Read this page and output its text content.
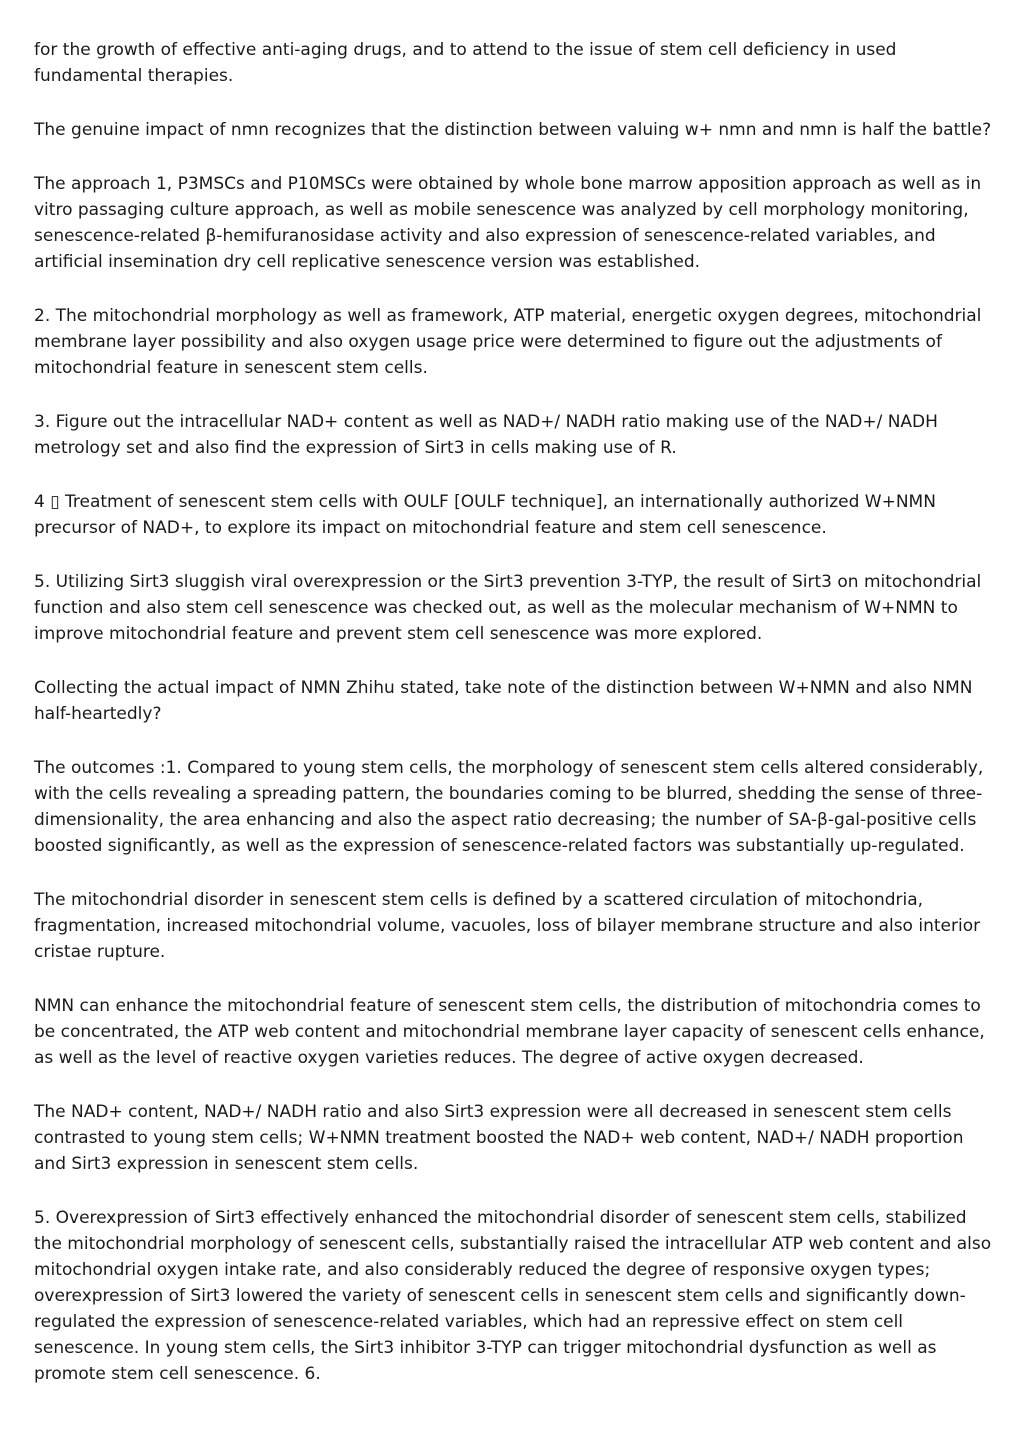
for the growth of effective anti-aging drugs, and to attend to the issue of stem cell deficiency in used fundamental therapies.

The genuine impact of nmn recognizes that the distinction between valuing w+ nmn and nmn is half the battle?

The approach 1, P3MSCs and P10MSCs were obtained by whole bone marrow apposition approach as well as in vitro passaging culture approach, as well as mobile senescence was analyzed by cell morphology monitoring, senescence-related β-hemifuranosidase activity and also expression of senescence-related variables, and artificial insemination dry cell replicative senescence version was established.

2. The mitochondrial morphology as well as framework, ATP material, energetic oxygen degrees, mitochondrial membrane layer possibility and also oxygen usage price were determined to figure out the adjustments of mitochondrial feature in senescent stem cells.

3. Figure out the intracellular NAD+ content as well as NAD+/ NADH ratio making use of the NAD+/ NADH metrology set and also find the expression of Sirt3 in cells making use of R.

4 ▯ Treatment of senescent stem cells with OULF [OULF technique], an internationally authorized W+NMN precursor of NAD+, to explore its impact on mitochondrial feature and stem cell senescence.

5. Utilizing Sirt3 sluggish viral overexpression or the Sirt3 prevention 3-TYP, the result of Sirt3 on mitochondrial function and also stem cell senescence was checked out, as well as the molecular mechanism of W+NMN to improve mitochondrial feature and prevent stem cell senescence was more explored.

Collecting the actual impact of NMN Zhihu stated, take note of the distinction between W+NMN and also NMN half-heartedly?

The outcomes :1. Compared to young stem cells, the morphology of senescent stem cells altered considerably, with the cells revealing a spreading pattern, the boundaries coming to be blurred, shedding the sense of three-dimensionality, the area enhancing and also the aspect ratio decreasing; the number of SA-β-gal-positive cells boosted significantly, as well as the expression of senescence-related factors was substantially up-regulated.

The mitochondrial disorder in senescent stem cells is defined by a scattered circulation of mitochondria, fragmentation, increased mitochondrial volume, vacuoles, loss of bilayer membrane structure and also interior cristae rupture.

NMN can enhance the mitochondrial feature of senescent stem cells, the distribution of mitochondria comes to be concentrated, the ATP web content and mitochondrial membrane layer capacity of senescent cells enhance, as well as the level of reactive oxygen varieties reduces. The degree of active oxygen decreased.

The NAD+ content, NAD+/ NADH ratio and also Sirt3 expression were all decreased in senescent stem cells contrasted to young stem cells; W+NMN treatment boosted the NAD+ web content, NAD+/ NADH proportion and Sirt3 expression in senescent stem cells.

5. Overexpression of Sirt3 effectively enhanced the mitochondrial disorder of senescent stem cells, stabilized the mitochondrial morphology of senescent cells, substantially raised the intracellular ATP web content and also mitochondrial oxygen intake rate, and also considerably reduced the degree of responsive oxygen types; overexpression of Sirt3 lowered the variety of senescent cells in senescent stem cells and significantly down-regulated the expression of senescence-related variables, which had an repressive effect on stem cell senescence. In young stem cells, the Sirt3 inhibitor 3-TYP can trigger mitochondrial dysfunction as well as promote stem cell senescence. 6.
